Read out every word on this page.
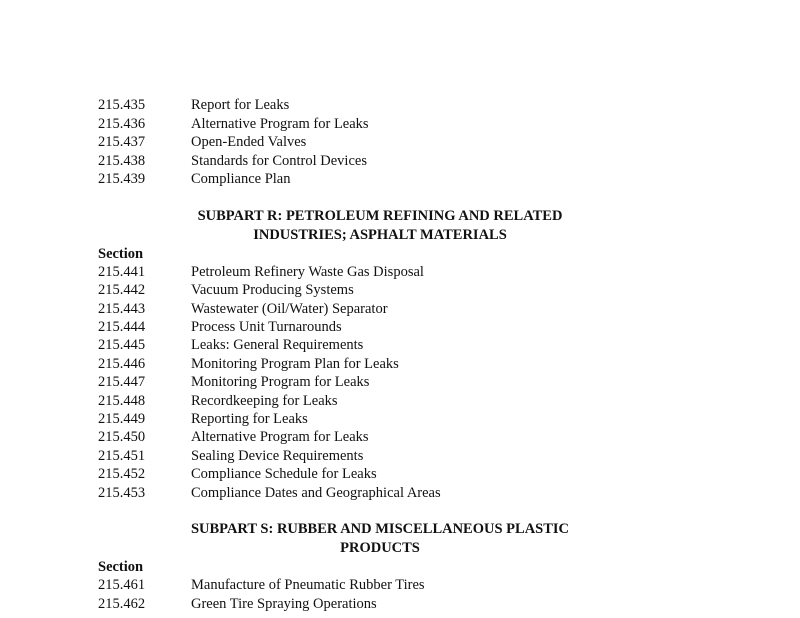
215.435	Report for Leaks
215.436	Alternative Program for Leaks
215.437	Open-Ended Valves
215.438	Standards for Control Devices
215.439	Compliance Plan
SUBPART R: PETROLEUM REFINING AND RELATED
INDUSTRIES; ASPHALT MATERIALS
Section
215.441	Petroleum Refinery Waste Gas Disposal
215.442	Vacuum Producing Systems
215.443	Wastewater (Oil/Water) Separator
215.444	Process Unit Turnarounds
215.445	Leaks: General Requirements
215.446	Monitoring Program Plan for Leaks
215.447	Monitoring Program for Leaks
215.448	Recordkeeping for Leaks
215.449	Reporting for Leaks
215.450	Alternative Program for Leaks
215.451	Sealing Device Requirements
215.452	Compliance Schedule for Leaks
215.453	Compliance Dates and Geographical Areas
SUBPART S: RUBBER AND MISCELLANEOUS PLASTIC
PRODUCTS
Section
215.461	Manufacture of Pneumatic Rubber Tires
215.462	Green Tire Spraying Operations
